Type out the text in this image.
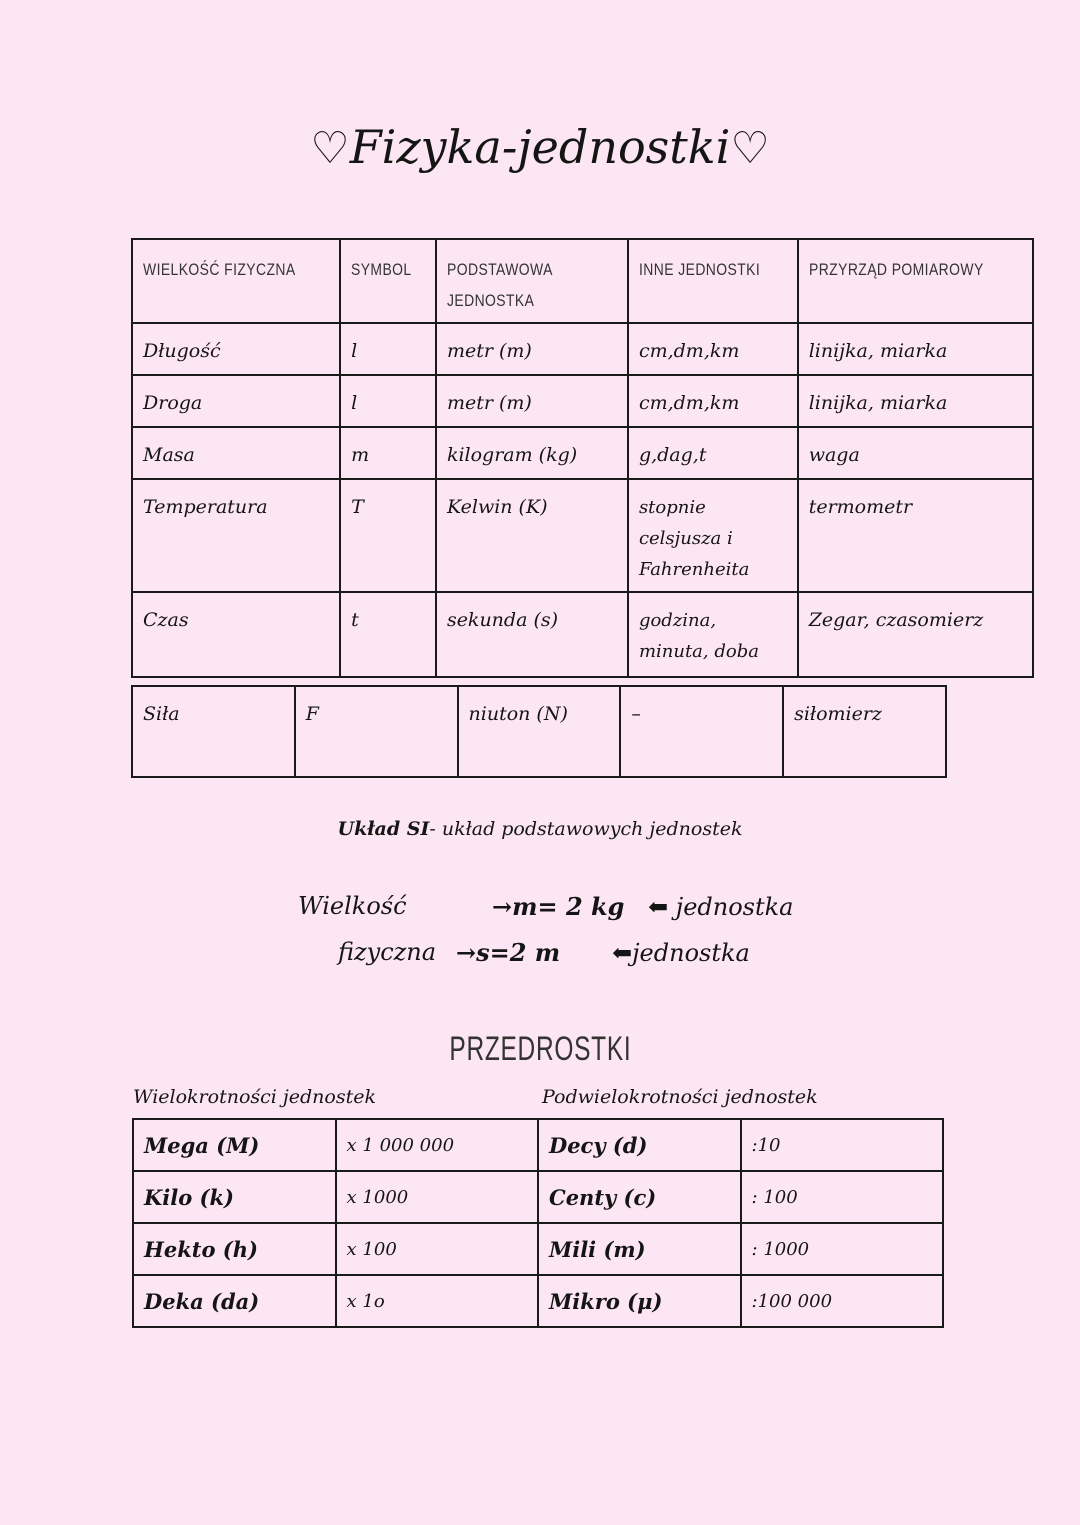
♡Fizyka-jednostki♡
WIELKOŚĆ FIZYCZNA	SYMBOL	PODSTAWOWA JEDNOSTKA	INNE JEDNOSTKI	PRZYRZĄD POMIAROWY
Długość	l	metr (m)	cm,dm,km	linijka, miarka
Droga	l	metr (m)	cm,dm,km	linijka, miarka
Masa	m	kilogram (kg)	g,dag,t	waga
Temperatura	T	Kelwin (K)	stopnie celsjusza i Fahrenheita	termometr
Czas	t	sekunda (s)	godzina, minuta, doba	Zegar, czasomierz
Siła	F	niuton (N)	–	siłomierz
Układ SI- układ podstawowych jednostek
Wielkość
fizyczna
→m= 2 kg
→s=2 m
⬅ jednostka
⬅jednostka
PRZEDROSTKI
Wielokrotności jednostek	Podwielokrotności jednostek
Mega (M)	x 1 000 000	Decy (d)	:10
Kilo (k)	x 1000	Centy (c)	: 100
Hekto (h)	x 100	Mili (m)	: 1000
Deka (da)	x 1o	Mikro (μ)	:100 000
